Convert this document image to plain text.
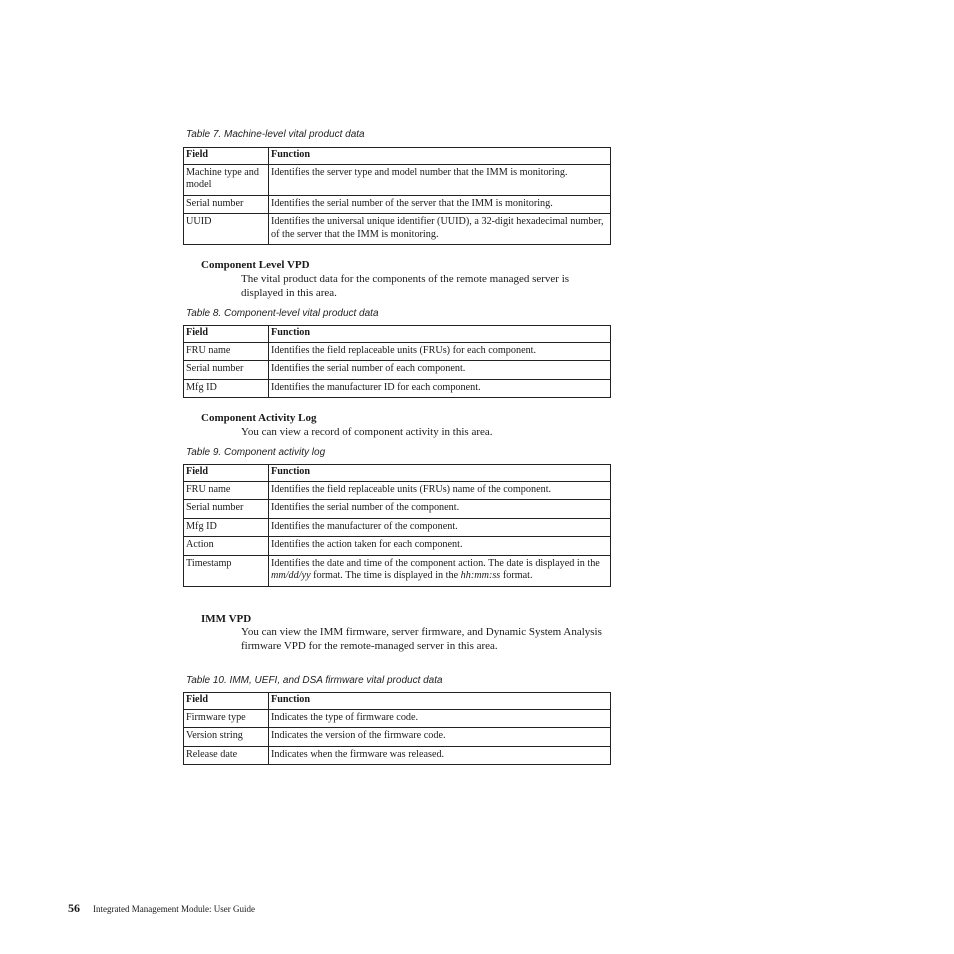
Table 7. Machine-level vital product data
Field	Function
Machine type and model	Identifies the server type and model number that the IMM is monitoring.
Serial number	Identifies the serial number of the server that the IMM is monitoring.
UUID	Identifies the universal unique identifier (UUID), a 32-digit hexadecimal number, of the server that the IMM is monitoring.
Component Level VPD
The vital product data for the components of the remote managed server is displayed in this area.
Table 8. Component-level vital product data
Field	Function
FRU name	Identifies the field replaceable units (FRUs) for each component.
Serial number	Identifies the serial number of each component.
Mfg ID	Identifies the manufacturer ID for each component.
Component Activity Log
You can view a record of component activity in this area.
Table 9. Component activity log
Field	Function
FRU name	Identifies the field replaceable units (FRUs) name of the component.
Serial number	Identifies the serial number of the component.
Mfg ID	Identifies the manufacturer of the component.
Action	Identifies the action taken for each component.
Timestamp	Identifies the date and time of the component action. The date is displayed in the mm/dd/yy format. The time is displayed in the hh:mm:ss format.
IMM VPD
You can view the IMM firmware, server firmware, and Dynamic System Analysis firmware VPD for the remote-managed server in this area.
Table 10. IMM, UEFI, and DSA firmware vital product data
Field	Function
Firmware type	Indicates the type of firmware code.
Version string	Indicates the version of the firmware code.
Release date	Indicates when the firmware was released.
56 Integrated Management Module: User Guide
